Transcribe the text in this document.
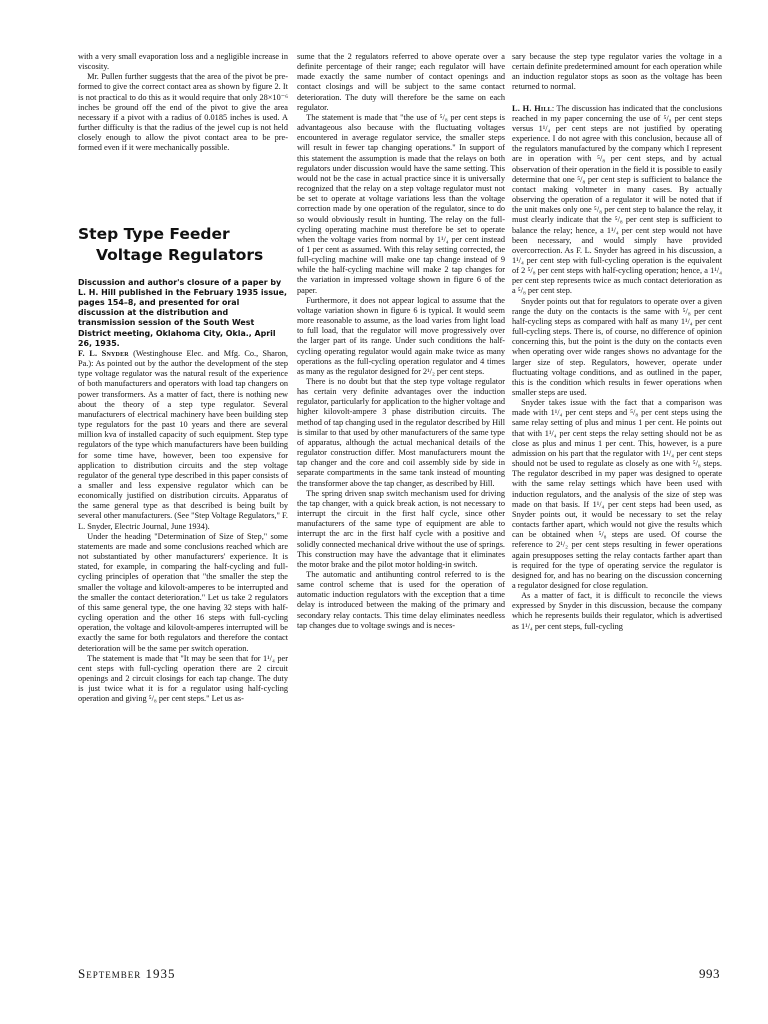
with a very small evaporation loss and a negligible increase in viscosity.

Mr. Pullen further suggests that the area of the pivot be pre-formed to give the correct contact area as shown by figure 2. It is not practical to do this as it would require that only 28×10⁻⁶ inches be ground off the end of the pivot to give the area necessary if a pivot with a radius of 0.0185 inches is used. A further difficulty is that the radius of the jewel cup is not held closely enough to allow the pivot contact area to be pre-formed even if it were mechanically possible.

Step Type Feeder
Voltage Regulators

Discussion and author's closure of a paper by L. H. Hill published in the February 1935 issue, pages 154–8, and presented for oral discussion at the distribution and transmission session of the South West District meeting, Oklahoma City, Okla., April 26, 1935.

F. L. Snyder (Westinghouse Elec. and Mfg. Co., Sharon, Pa.): As pointed out by the author the development of the step type voltage regulator was the natural result of the experience of both manufacturers and operators with load tap changers on power transformers. As a matter of fact, there is nothing new about the theory of a step type regulator. Several manufacturers of electrical machinery have been building step type regulators for the past 10 years and there are several million kva of installed capacity of such equipment. Step type regulators of the type which manufacturers have been building for some time have, however, been too expensive for application to distribution circuits and the step voltage regulator of the general type described in this paper consists of a smaller and less expensive regulator which can be economically justified on distribution circuits. Apparatus of the same general type as that described is being built by several other manufacturers. (See "Step Voltage Regulators," F. L. Snyder, Electric Journal, June 1934).

Under the heading "Determination of Size of Step," some statements are made and some conclusions reached which are not substantiated by other manufacturers' experience. It is stated, for example, in comparing the half-cycling and full-cycling principles of operation that "the smaller the step the smaller the voltage and kilovolt-amperes to be interrupted and the smaller the contact deterioration." Let us take 2 regulators of this same general type, the one having 32 steps with half-cycling operation and the other 16 steps with full-cycling operation, the voltage and kilovolt-amperes interrupted will be exactly the same for both regulators and therefore the contact deterioration will be the same per switch operation.

The statement is made that "It may be seen that for 1¹/₄ per cent steps with full-cycling operation there are 2 circuit openings and 2 circuit closings for each tap change. The duty is just twice what it is for a regulator using half-cycling operation and giving ⁵/₈ per cent steps." Let us as-

sume that the 2 regulators referred to above operate over a definite percentage of their range; each regulator will have made exactly the same number of contact openings and contact closings and will be subject to the same contact deterioration. The duty will therefore be the same on each regulator.

The statement is made that "the use of ⁵/₈ per cent steps is advantageous also because with the fluctuating voltages encountered in average regulator service, the smaller steps will result in fewer tap changing operations." In support of this statement the assumption is made that the relays on both regulators under discussion would have the same setting. This would not be the case in actual practice since it is universally recognized that the relay on a step voltage regulator must not be set to operate at voltage variations less than the voltage correction made by one operation of the regulator, since to do so would obviously result in hunting. The relay on the full-cycling operating machine must therefore be set to operate when the voltage varies from normal by 1¹/₄ per cent instead of 1 per cent as assumed. With this relay setting corrected, the full-cycling machine will make one tap change instead of 9 while the half-cycling machine will make 2 tap changes for the variation in impressed voltage shown in figure 6 of the paper.

Furthermore, it does not appear logical to assume that the voltage variation shown in figure 6 is typical. It would seem more reasonable to assume, as the load varies from light load to full load, that the regulator will move progressively over the larger part of its range. Under such conditions the half-cycling operating regulator would again make twice as many operations as the full-cycling operation regulator and 4 times as many as the regulator designed for 2¹/₂ per cent steps.

There is no doubt but that the step type voltage regulator has certain very definite advantages over the induction regulator, particularly for application to the higher voltage and higher kilovolt-ampere 3 phase distribution circuits. The method of tap changing used in the regulator described by Hill is similar to that used by other manufacturers of the same type of apparatus, although the actual mechanical details of the regulator construction differ. Most manufacturers mount the tap changer and the core and coil assembly side by side in separate compartments in the same tank instead of mounting the transformer above the tap changer, as described by Hill.

The spring driven snap switch mechanism used for driving the tap changer, with a quick break action, is not necessary to interrupt the circuit in the first half cycle, since other manufacturers of the same type of equipment are able to interrupt the arc in the first half cycle with a positive and solidly connected mechanical drive without the use of springs. This construction may have the advantage that it eliminates the motor brake and the pilot motor holding-in switch.

The automatic and antihunting control referred to is the same control scheme that is used for the operation of automatic induction regulators with the exception that a time delay is introduced between the making of the primary and secondary relay contacts. This time delay eliminates needless tap changes due to voltage swings and is neces-

sary because the step type regulator varies the voltage in a certain definite predetermined amount for each operation while an induction regulator stops as soon as the voltage has been returned to normal.

L. H. Hill: The discussion has indicated that the conclusions reached in my paper concerning the use of ⁵/₈ per cent steps versus 1¹/₄ per cent steps are not justified by operating experience. I do not agree with this conclusion, because all of the regulators manufactured by the company which I represent are in operation with ⁵/₈ per cent steps, and by actual observation of their operation in the field it is possible to easily determine that one ⁵/₈ per cent step is sufficient to balance the contact making voltmeter in many cases. By actually observing the operation of a regulator it will be noted that if the unit makes only one ⁵/₈ per cent step to balance the relay, it must clearly indicate that the ⁵/₈ per cent step is sufficient to balance the relay; hence, a 1¹/₄ per cent step would not have been necessary, and would simply have provided overcorrection. As F. L. Snyder has agreed in his discussion, a 1¹/₄ per cent step with full-cycling operation is the equivalent of 2 ⁵/₈ per cent steps with half-cycling operation; hence, a 1¹/₄ per cent step represents twice as much contact deterioration as a ⁵/₈ per cent step.

Snyder points out that for regulators to operate over a given range the duty on the contacts is the same with ⁵/₈ per cent half-cycling steps as compared with half as many 1¹/₄ per cent full-cycling steps. There is, of course, no difference of opinion concerning this, but the point is the duty on the contacts even when operating over wide ranges shows no advantage for the larger size of step. Regulators, however, operate under fluctuating voltage conditions, and as outlined in the paper, this is the condition which results in fewer operations when smaller steps are used.

Snyder takes issue with the fact that a comparison was made with 1¹/₄ per cent steps and ⁵/₈ per cent steps using the same relay setting of plus and minus 1 per cent. He points out that with 1¹/₄ per cent steps the relay setting should not be as close as plus and minus 1 per cent. This, however, is a pure admission on his part that the regulator with 1¹/₄ per cent steps should not be used to regulate as closely as one with ⁵/₈ steps. The regulator described in my paper was designed to operate with the same relay settings which have been used with induction regulators, and the analysis of the size of step was made on that basis. If 1¹/₄ per cent steps had been used, as Snyder points out, it would be necessary to set the relay contacts farther apart, which would not give the results which can be obtained when ⁵/₈ steps are used. Of course the reference to 2¹/₂ per cent steps resulting in fewer operations again presupposes setting the relay contacts farther apart than is required for the type of operating service the regulator is designed for, and has no bearing on the discussion concerning a regulator designed for close regulation.

As a matter of fact, it is difficult to reconcile the views expressed by Snyder in this discussion, because the company which he represents builds their regulator, which is advertised as 1¹/₄ per cent steps, full-cycling

September 1935	993
